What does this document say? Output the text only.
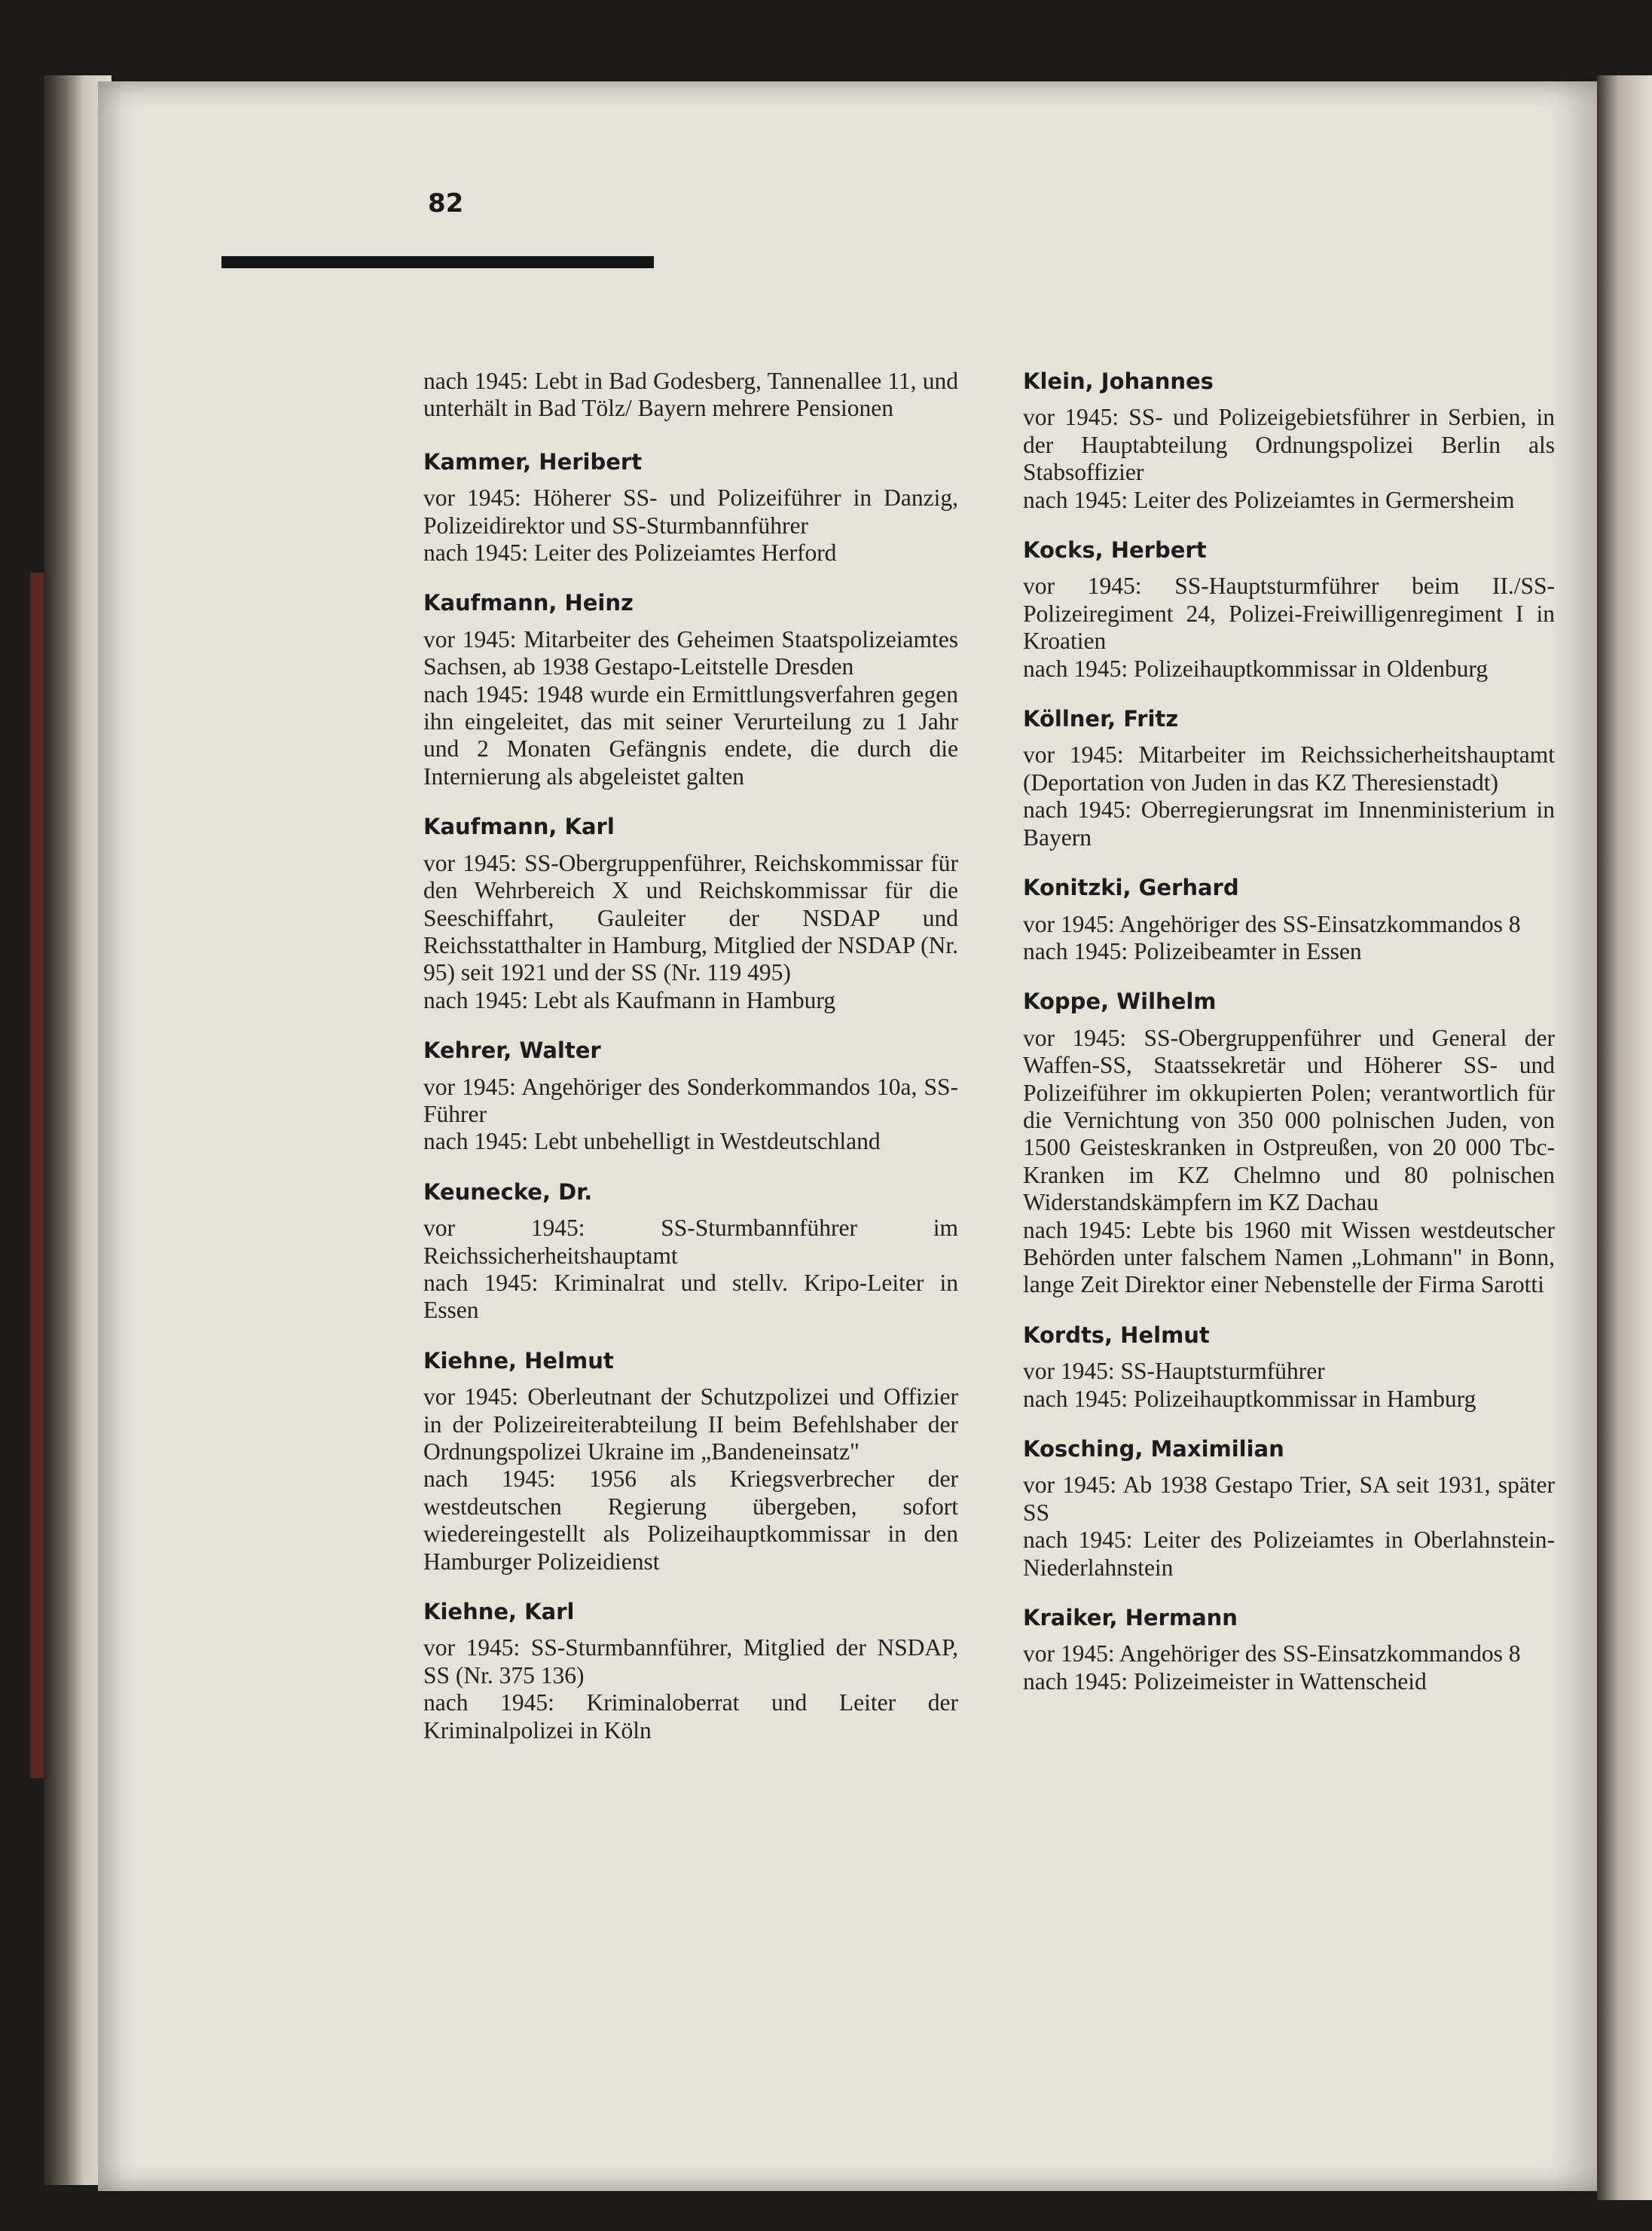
82
nach 1945: Lebt in Bad Godesberg, Tannenallee 11, und unterhält in Bad Tölz/ Bayern mehrere Pensionen
Kammer, Heribert
vor 1945: Höherer SS- und Polizeiführer in Danzig, Polizeidirektor und SS-Sturmbannführer
nach 1945: Leiter des Polizeiamtes Herford
Kaufmann, Heinz
vor 1945: Mitarbeiter des Geheimen Staatspolizeiamtes Sachsen, ab 1938 Gestapo-Leitstelle Dresden
nach 1945: 1948 wurde ein Ermittlungsverfahren gegen ihn eingeleitet, das mit seiner Verurteilung zu 1 Jahr und 2 Monaten Gefängnis endete, die durch die Internierung als abgeleistet galten
Kaufmann, Karl
vor 1945: SS-Obergruppenführer, Reichskommissar für den Wehrbereich X und Reichskommissar für die Seeschiffahrt, Gauleiter der NSDAP und Reichsstatthalter in Hamburg, Mitglied der NSDAP (Nr. 95) seit 1921 und der SS (Nr. 119 495)
nach 1945: Lebt als Kaufmann in Hamburg
Kehrer, Walter
vor 1945: Angehöriger des Sonderkommandos 10a, SS-Führer
nach 1945: Lebt unbehelligt in Westdeutschland
Keunecke, Dr.
vor 1945: SS-Sturmbannführer im Reichssicherheitshauptamt
nach 1945: Kriminalrat und stellv. Kripo-Leiter in Essen
Kiehne, Helmut
vor 1945: Oberleutnant der Schutzpolizei und Offizier in der Polizeireiterabteilung II beim Befehlshaber der Ordnungspolizei Ukraine im „Bandeneinsatz"
nach 1945: 1956 als Kriegsverbrecher der westdeutschen Regierung übergeben, sofort wiedereingestellt als Polizeihauptkommissar in den Hamburger Polizeidienst
Kiehne, Karl
vor 1945: SS-Sturmbannführer, Mitglied der NSDAP, SS (Nr. 375 136)
nach 1945: Kriminaloberrat und Leiter der Kriminalpolizei in Köln
Klein, Johannes
vor 1945: SS- und Polizeigebietsführer in Serbien, in der Hauptabteilung Ordnungspolizei Berlin als Stabsoffizier
nach 1945: Leiter des Polizeiamtes in Germersheim
Kocks, Herbert
vor 1945: SS-Hauptsturmführer beim II./SS-Polizeiregiment 24, Polizei-Freiwilligenregiment I in Kroatien
nach 1945: Polizeihauptkommissar in Oldenburg
Köllner, Fritz
vor 1945: Mitarbeiter im Reichssicherheitshauptamt (Deportation von Juden in das KZ Theresienstadt)
nach 1945: Oberregierungsrat im Innenministerium in Bayern
Konitzki, Gerhard
vor 1945: Angehöriger des SS-Einsatzkommandos 8
nach 1945: Polizeibeamter in Essen
Koppe, Wilhelm
vor 1945: SS-Obergruppenführer und General der Waffen-SS, Staatssekretär und Höherer SS- und Polizeiführer im okkupierten Polen; verantwortlich für die Vernichtung von 350 000 polnischen Juden, von 1500 Geisteskranken in Ostpreußen, von 20 000 Tbc-Kranken im KZ Chelmno und 80 polnischen Widerstandskämpfern im KZ Dachau
nach 1945: Lebte bis 1960 mit Wissen westdeutscher Behörden unter falschem Namen „Lohmann" in Bonn, lange Zeit Direktor einer Nebenstelle der Firma Sarotti
Kordts, Helmut
vor 1945: SS-Hauptsturmführer
nach 1945: Polizeihauptkommissar in Hamburg
Kosching, Maximilian
vor 1945: Ab 1938 Gestapo Trier, SA seit 1931, später SS
nach 1945: Leiter des Polizeiamtes in Oberlahnstein-Niederlahnstein
Kraiker, Hermann
vor 1945: Angehöriger des SS-Einsatzkommandos 8
nach 1945: Polizeimeister in Wattenscheid
